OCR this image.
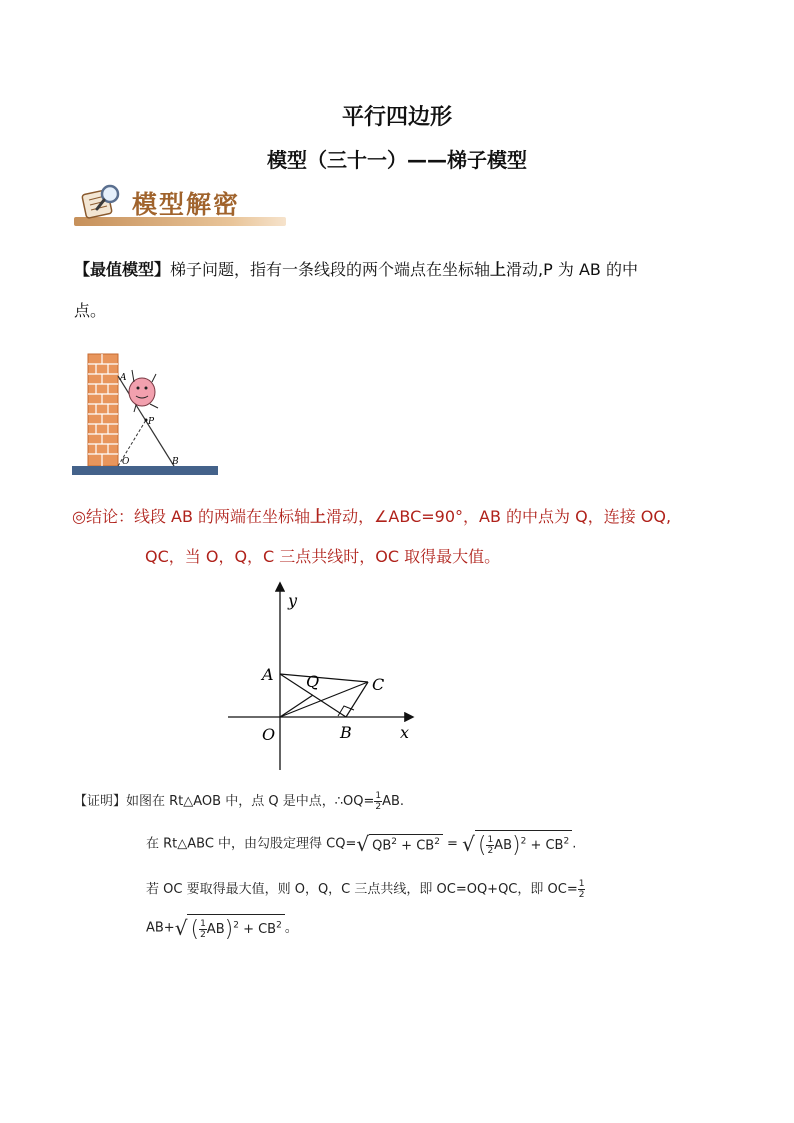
平行四边形
模型（三十一）——梯子模型
模型解密
【最值模型】梯子问题，指有一条线段的两个端点在坐标轴上滑动,P 为 AB 的中
点。
A
P
O	B
◎结论：线段 AB 的两端在坐标轴上滑动，∠ABC=90°，AB 的中点为 Q，连接 OQ,
QC，当 O，Q，C 三点共线时，OC 取得最大值。
y
x
A Q	C
O	B
【证明】如图在 Rt△AOB 中，点 Q 是中点，∴OQ= $\frac{1}{2}$ AB.
在 Rt△ABC 中，由勾股定理得 CQ=√ $QB^2 + CB^2$ = √ ( $\frac{1}{2} AB)^2 + CB^2$ .
若 OC 要取得最大值，则 O，Q，C 三点共线，即 OC=OQ+QC，即 $OC= \frac{1}{2}$
AB+√ ( $\frac{1}{2} AB)^2 + CB^2$ 。
